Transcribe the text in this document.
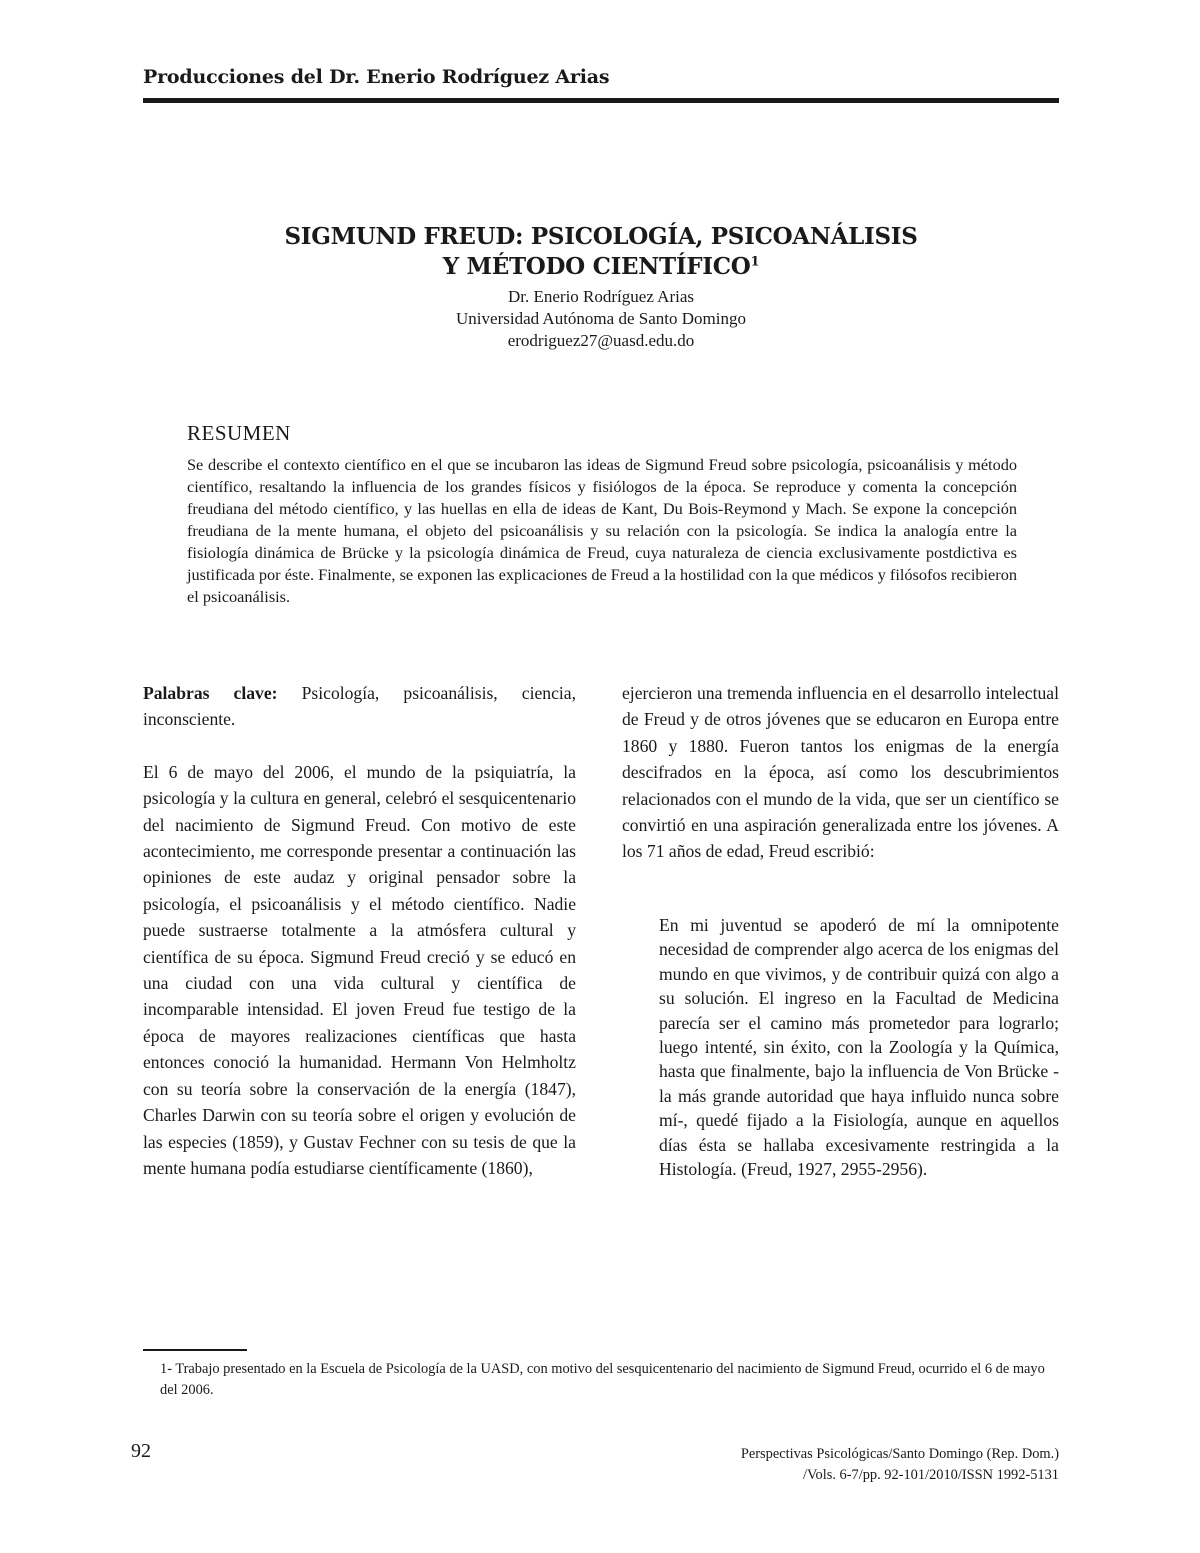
Producciones del Dr. Enerio Rodríguez Arias
SIGMUND FREUD: PSICOLOGÍA, PSICOANÁLISIS
Y MÉTODO CIENTÍFICO$^1$
Dr. Enerio Rodríguez Arias
Universidad Autónoma de Santo Domingo
erodriguez27@uasd.edu.do
RESUMEN
Se describe el contexto científico en el que se incubaron las ideas de Sigmund Freud sobre psicología, psicoanálisis y método científico, resaltando la influencia de los grandes físicos y fisiólogos de la época. Se reproduce y comenta la concepción freudiana del método científico, y las huellas en ella de ideas de Kant, Du Bois-Reymond y Mach. Se expone la concepción freudiana de la mente humana, el objeto del psicoanálisis y su relación con la psicología. Se indica la analogía entre la fisiología dinámica de Brücke y la psicología dinámica de Freud, cuya naturaleza de ciencia exclusivamente postdictiva es justificada por éste. Finalmente, se exponen las explicaciones de Freud a la hostilidad con la que médicos y filósofos recibieron el psicoanálisis.

Palabras clave: Psicología, psicoanálisis, ciencia, inconsciente.

El 6 de mayo del 2006, el mundo de la psiquiatría, la psicología y la cultura en general, celebró el sesquicentenario del nacimiento de Sigmund Freud. Con motivo de este acontecimiento, me corresponde presentar a continuación las opiniones de este audaz y original pensador sobre la psicología, el psicoanálisis y el método científico. Nadie puede sustraerse totalmente a la atmósfera cultural y científica de su época. Sigmund Freud creció y se educó en una ciudad con una vida cultural y científica de incomparable intensidad. El joven Freud fue testigo de la época de mayores realizaciones científicas que hasta entonces conoció la humanidad. Hermann Von Helmholtz con su teoría sobre la conservación de la energía (1847), Charles Darwin con su teoría sobre el origen y evolución de las especies (1859), y Gustav Fechner con su tesis de que la mente humana podía estudiarse científicamente (1860),

ejercieron una tremenda influencia en el desarrollo intelectual de Freud y de otros jóvenes que se educaron en Europa entre 1860 y 1880. Fueron tantos los enigmas de la energía descifrados en la época, así como los descubrimientos relacionados con el mundo de la vida, que ser un científico se convirtió en una aspiración generalizada entre los jóvenes. A los 71 años de edad, Freud escribió:

En mi juventud se apoderó de mí la omnipotente necesidad de comprender algo acerca de los enigmas del mundo en que vivimos, y de contribuir quizá con algo a su solución. El ingreso en la Facultad de Medicina parecía ser el camino más prometedor para lograrlo; luego intenté, sin éxito, con la Zoología y la Química, hasta que finalmente, bajo la influencia de Von Brücke -la más grande autoridad que haya influido nunca sobre mí-, quedé fijado a la Fisiología, aunque en aquellos días ésta se hallaba excesivamente restringida a la Histología. (Freud, 1927, 2955-2956).
1- Trabajo presentado en la Escuela de Psicología de la UASD, con motivo del sesquicentenario del nacimiento de Sigmund Freud, ocurrido el 6 de mayo del 2006.
92	Perspectivas Psicológicas/Santo Domingo (Rep. Dom.)
/Vols. 6-7/pp. 92-101/2010/ISSN 1992-5131
